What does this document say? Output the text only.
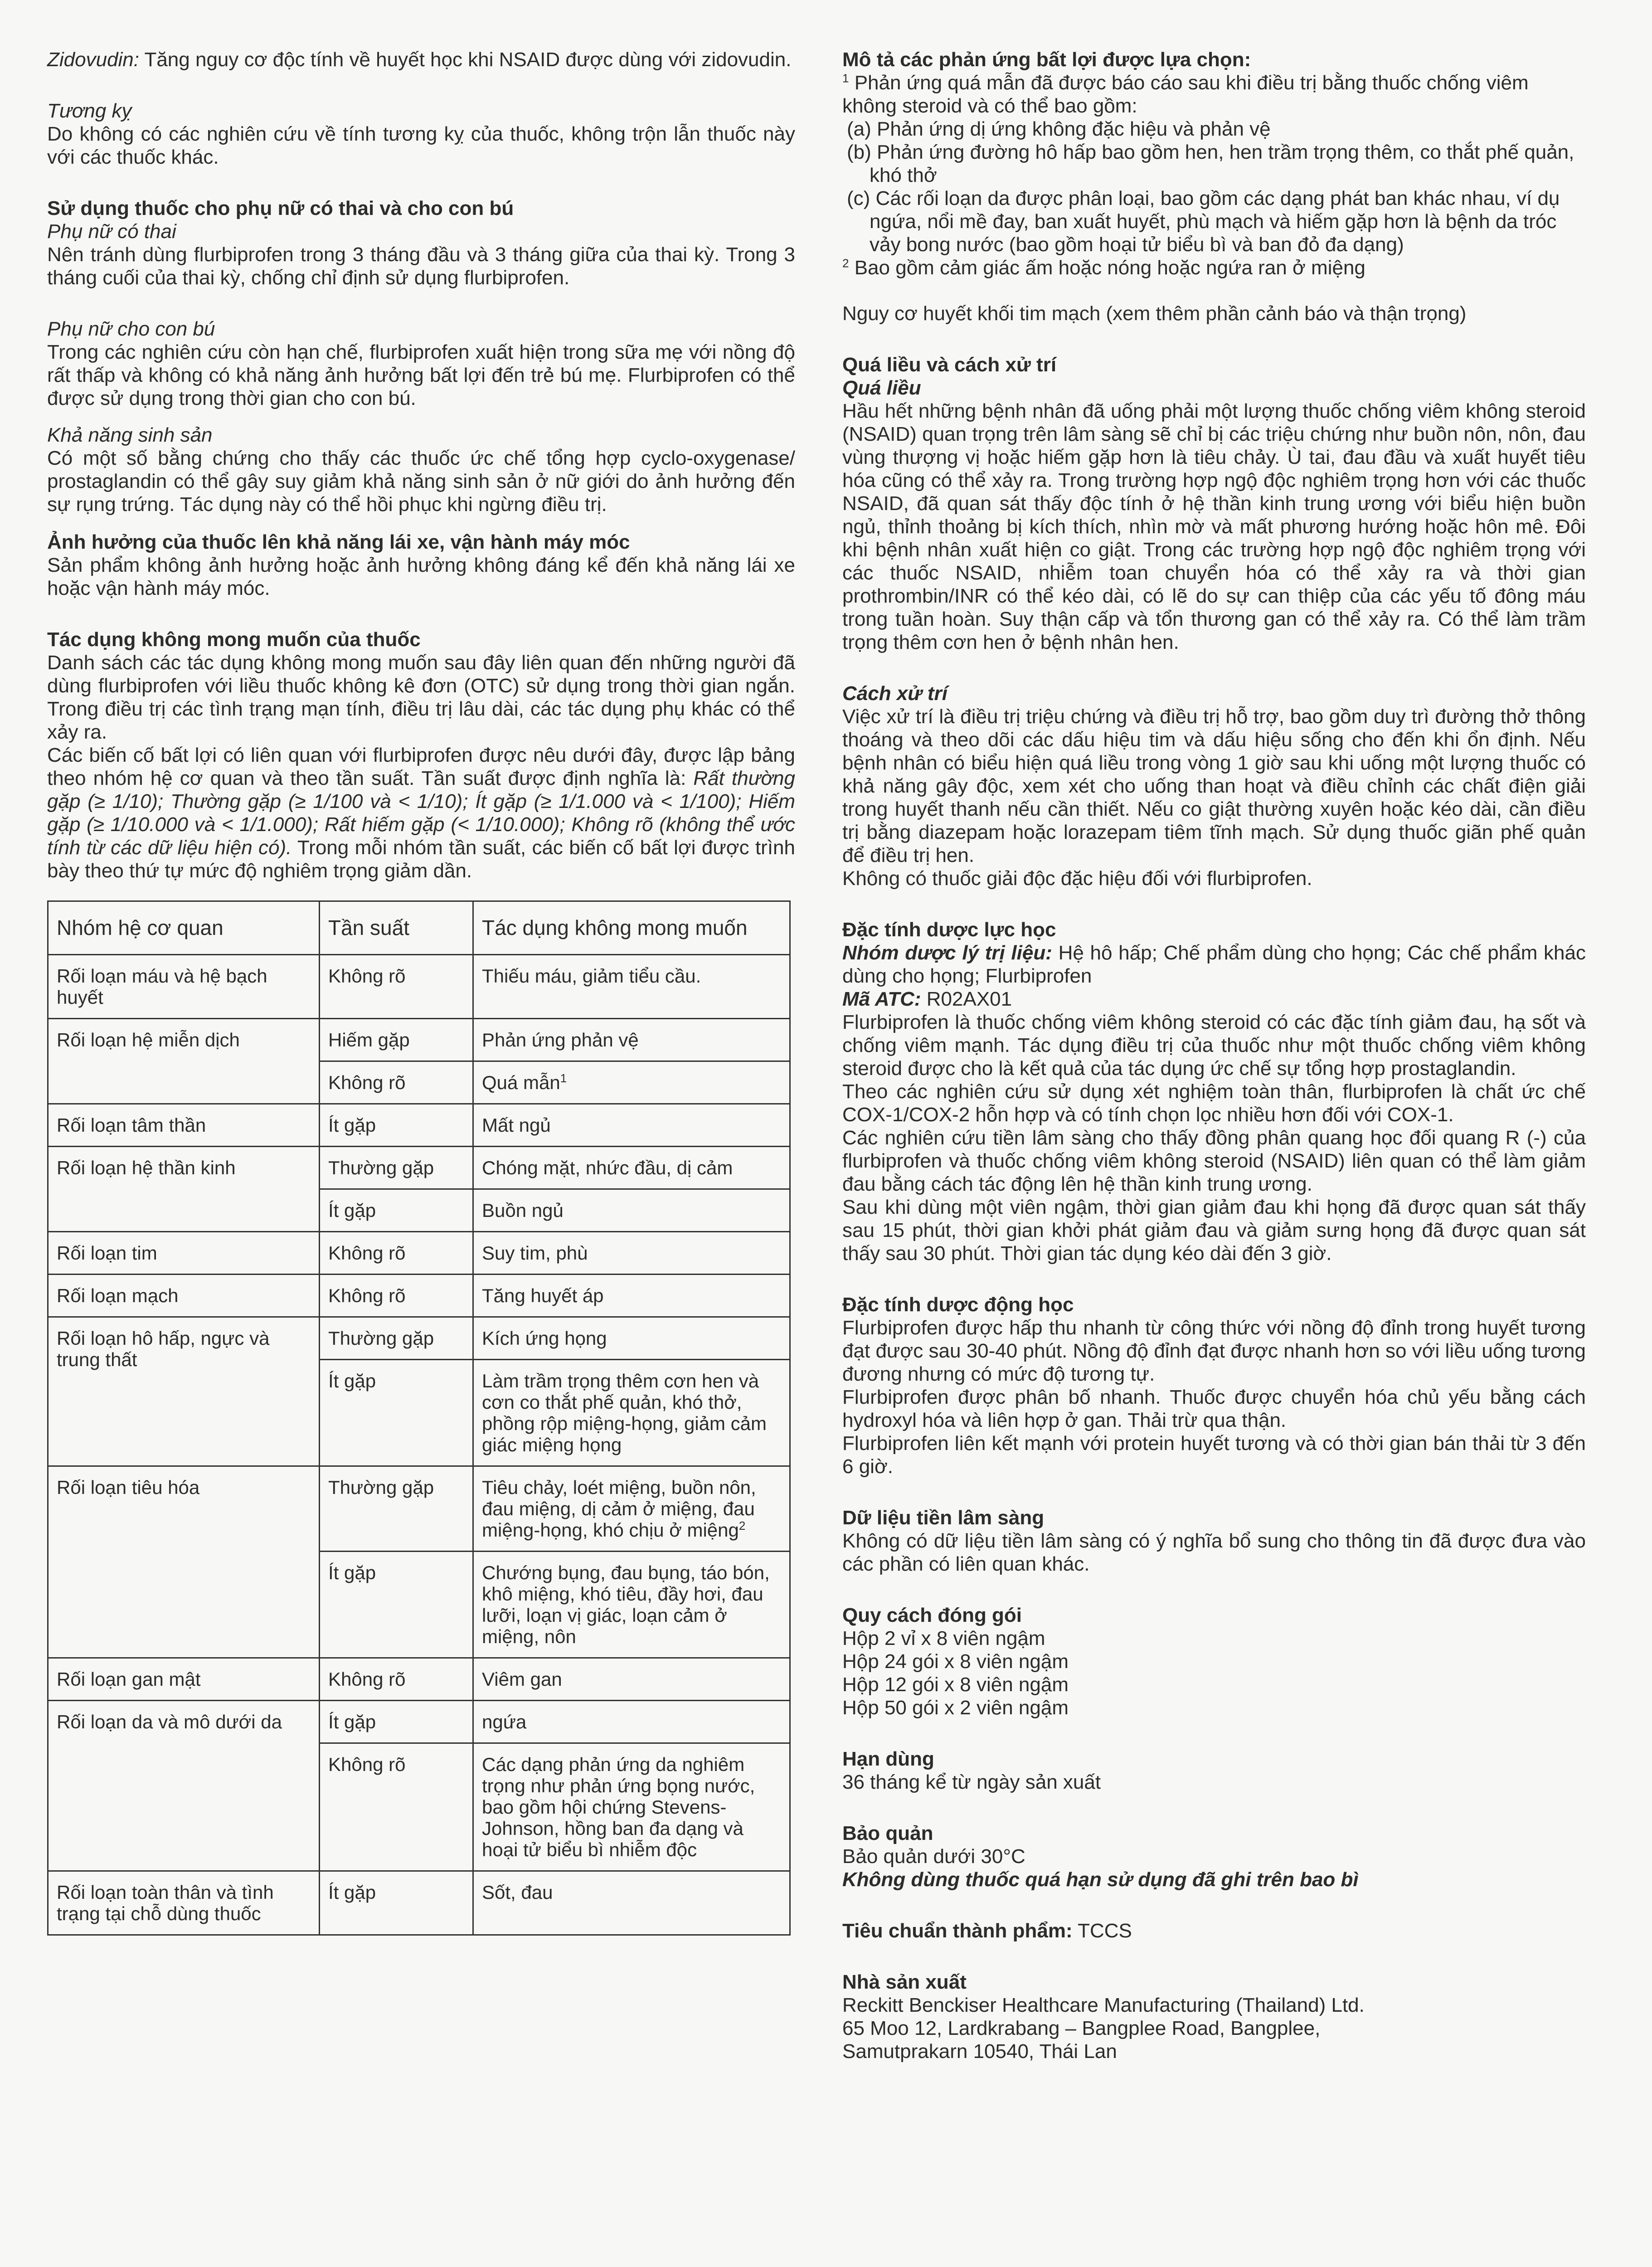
Zidovudin: Tăng nguy cơ độc tính về huyết học khi NSAID được dùng với zidovudin.

Tương kỵ

Do không có các nghiên cứu về tính tương kỵ của thuốc, không trộn lẫn thuốc này với các thuốc khác.

Sử dụng thuốc cho phụ nữ có thai và cho con bú

Phụ nữ có thai

Nên tránh dùng flurbiprofen trong 3 tháng đầu và 3 tháng giữa của thai kỳ. Trong 3 tháng cuối của thai kỳ, chống chỉ định sử dụng flurbiprofen.

Phụ nữ cho con bú

Trong các nghiên cứu còn hạn chế, flurbiprofen xuất hiện trong sữa mẹ với nồng độ rất thấp và không có khả năng ảnh hưởng bất lợi đến trẻ bú mẹ. Flurbiprofen có thể được sử dụng trong thời gian cho con bú.

Khả năng sinh sản

Có một số bằng chứng cho thấy các thuốc ức chế tổng hợp cyclo-oxygenase/ prostaglandin có thể gây suy giảm khả năng sinh sản ở nữ giới do ảnh hưởng đến sự rụng trứng. Tác dụng này có thể hồi phục khi ngừng điều trị.

Ảnh hưởng của thuốc lên khả năng lái xe, vận hành máy móc

Sản phẩm không ảnh hưởng hoặc ảnh hưởng không đáng kể đến khả năng lái xe hoặc vận hành máy móc.

Tác dụng không mong muốn của thuốc

Danh sách các tác dụng không mong muốn sau đây liên quan đến những người đã dùng flurbiprofen với liều thuốc không kê đơn (OTC) sử dụng trong thời gian ngắn. Trong điều trị các tình trạng mạn tính, điều trị lâu dài, các tác dụng phụ khác có thể xảy ra.

Các biến cố bất lợi có liên quan với flurbiprofen được nêu dưới đây, được lập bảng theo nhóm hệ cơ quan và theo tần suất. Tần suất được định nghĩa là: Rất thường gặp (≥ 1/10); Thường gặp (≥ 1/100 và < 1/10); Ít gặp (≥ 1/1.000 và < 1/100); Hiếm gặp (≥ 1/10.000 và < 1/1.000); Rất hiếm gặp (< 1/10.000); Không rõ (không thể ước tính từ các dữ liệu hiện có). Trong mỗi nhóm tần suất, các biến cố bất lợi được trình bày theo thứ tự mức độ nghiêm trọng giảm dần.

Nhóm hệ cơ quan	Tần suất	Tác dụng không mong muốn
Rối loạn máu và hệ bạch huyết	Không rõ	Thiếu máu, giảm tiểu cầu.
Rối loạn hệ miễn dịch	Hiếm gặp	Phản ứng phản vệ
	Không rõ	Quá mẫn$^1$
Rối loạn tâm thần	Ít gặp	Mất ngủ
Rối loạn hệ thần kinh	Thường gặp	Chóng mặt, nhức đầu, dị cảm
	Ít gặp	Buồn ngủ
Rối loạn tim	Không rõ	Suy tim, phù
Rối loạn mạch	Không rõ	Tăng huyết áp
Rối loạn hô hấp, ngực và trung thất	Thường gặp	Kích ứng họng
	Ít gặp	Làm trầm trọng thêm cơn hen và cơn co thắt phế quản, khó thở, phồng rộp miệng-họng, giảm cảm giác miệng họng
Rối loạn tiêu hóa	Thường gặp	Tiêu chảy, loét miệng, buồn nôn, đau miệng, dị cảm ở miệng, đau miệng-họng, khó chịu ở miệng$^2$
	Ít gặp	Chướng bụng, đau bụng, táo bón, khô miệng, khó tiêu, đầy hơi, đau lưỡi, loạn vị giác, loạn cảm ở miệng, nôn
Rối loạn gan mật	Không rõ	Viêm gan
Rối loạn da và mô dưới da	Ít gặp	ngứa
	Không rõ	Các dạng phản ứng da nghiêm trọng như phản ứng bọng nước, bao gồm hội chứng Stevens-Johnson, hồng ban đa dạng và hoại tử biểu bì nhiễm độc
Rối loạn toàn thân và tình trạng tại chỗ dùng thuốc	Ít gặp	Sốt, đau

Mô tả các phản ứng bất lợi được lựa chọn:

$^1$ Phản ứng quá mẫn đã được báo cáo sau khi điều trị bằng thuốc chống viêm không steroid và có thể bao gồm:

(a) Phản ứng dị ứng không đặc hiệu và phản vệ
(b) Phản ứng đường hô hấp bao gồm hen, hen trầm trọng thêm, co thắt phế quản, khó thở
(c) Các rối loạn da được phân loại, bao gồm các dạng phát ban khác nhau, ví dụ ngứa, nổi mề đay, ban xuất huyết, phù mạch và hiếm gặp hơn là bệnh da tróc vảy bong nước (bao gồm hoại tử biểu bì và ban đỏ đa dạng)

$^2$ Bao gồm cảm giác ấm hoặc nóng hoặc ngứa ran ở miệng

Nguy cơ huyết khối tim mạch (xem thêm phần cảnh báo và thận trọng)

Quá liều và cách xử trí

Quá liều

Hầu hết những bệnh nhân đã uống phải một lượng thuốc chống viêm không steroid (NSAID) quan trọng trên lâm sàng sẽ chỉ bị các triệu chứng như buồn nôn, nôn, đau vùng thượng vị hoặc hiếm gặp hơn là tiêu chảy. Ù tai, đau đầu và xuất huyết tiêu hóa cũng có thể xảy ra. Trong trường hợp ngộ độc nghiêm trọng hơn với các thuốc NSAID, đã quan sát thấy độc tính ở hệ thần kinh trung ương với biểu hiện buồn ngủ, thỉnh thoảng bị kích thích, nhìn mờ và mất phương hướng hoặc hôn mê. Đôi khi bệnh nhân xuất hiện co giật. Trong các trường hợp ngộ độc nghiêm trọng với các thuốc NSAID, nhiễm toan chuyển hóa có thể xảy ra và thời gian prothrombin/INR có thể kéo dài, có lẽ do sự can thiệp của các yếu tố đông máu trong tuần hoàn. Suy thận cấp và tổn thương gan có thể xảy ra. Có thể làm trầm trọng thêm cơn hen ở bệnh nhân hen.

Cách xử trí

Việc xử trí là điều trị triệu chứng và điều trị hỗ trợ, bao gồm duy trì đường thở thông thoáng và theo dõi các dấu hiệu tim và dấu hiệu sống cho đến khi ổn định. Nếu bệnh nhân có biểu hiện quá liều trong vòng 1 giờ sau khi uống một lượng thuốc có khả năng gây độc, xem xét cho uống than hoạt và điều chỉnh các chất điện giải trong huyết thanh nếu cần thiết. Nếu co giật thường xuyên hoặc kéo dài, cần điều trị bằng diazepam hoặc lorazepam tiêm tĩnh mạch. Sử dụng thuốc giãn phế quản để điều trị hen.

Không có thuốc giải độc đặc hiệu đối với flurbiprofen.

Đặc tính dược lực học

Nhóm dược lý trị liệu: Hệ hô hấp; Chế phẩm dùng cho họng; Các chế phẩm khác dùng cho họng; Flurbiprofen

Mã ATC: R02AX01

Flurbiprofen là thuốc chống viêm không steroid có các đặc tính giảm đau, hạ sốt và chống viêm mạnh. Tác dụng điều trị của thuốc như một thuốc chống viêm không steroid được cho là kết quả của tác dụng ức chế sự tổng hợp prostaglandin.

Theo các nghiên cứu sử dụng xét nghiệm toàn thân, flurbiprofen là chất ức chế COX-1/COX-2 hỗn hợp và có tính chọn lọc nhiều hơn đối với COX-1.

Các nghiên cứu tiền lâm sàng cho thấy đồng phân quang học đối quang R (-) của flurbiprofen và thuốc chống viêm không steroid (NSAID) liên quan có thể làm giảm đau bằng cách tác động lên hệ thần kinh trung ương.

Sau khi dùng một viên ngậm, thời gian giảm đau khi họng đã được quan sát thấy sau 15 phút, thời gian khởi phát giảm đau và giảm sưng họng đã được quan sát thấy sau 30 phút. Thời gian tác dụng kéo dài đến 3 giờ.

Đặc tính dược động học

Flurbiprofen được hấp thu nhanh từ công thức với nồng độ đỉnh trong huyết tương đạt được sau 30-40 phút. Nồng độ đỉnh đạt được nhanh hơn so với liều uống tương đương nhưng có mức độ tương tự.

Flurbiprofen được phân bố nhanh. Thuốc được chuyển hóa chủ yếu bằng cách hydroxyl hóa và liên hợp ở gan. Thải trừ qua thận.

Flurbiprofen liên kết mạnh với protein huyết tương và có thời gian bán thải từ 3 đến 6 giờ.

Dữ liệu tiền lâm sàng

Không có dữ liệu tiền lâm sàng có ý nghĩa bổ sung cho thông tin đã được đưa vào các phần có liên quan khác.

Quy cách đóng gói

Hộp 2 vỉ x 8 viên ngậm

Hộp 24 gói x 8 viên ngậm

Hộp 12 gói x 8 viên ngậm

Hộp 50 gói x 2 viên ngậm

Hạn dùng

36 tháng kể từ ngày sản xuất

Bảo quản

Bảo quản dưới 30°C

Không dùng thuốc quá hạn sử dụng đã ghi trên bao bì

Tiêu chuẩn thành phẩm: TCCS

Nhà sản xuất

Reckitt Benckiser Healthcare Manufacturing (Thailand) Ltd.

65 Moo 12, Lardkrabang – Bangplee Road, Bangplee,

Samutprakarn 10540, Thái Lan
